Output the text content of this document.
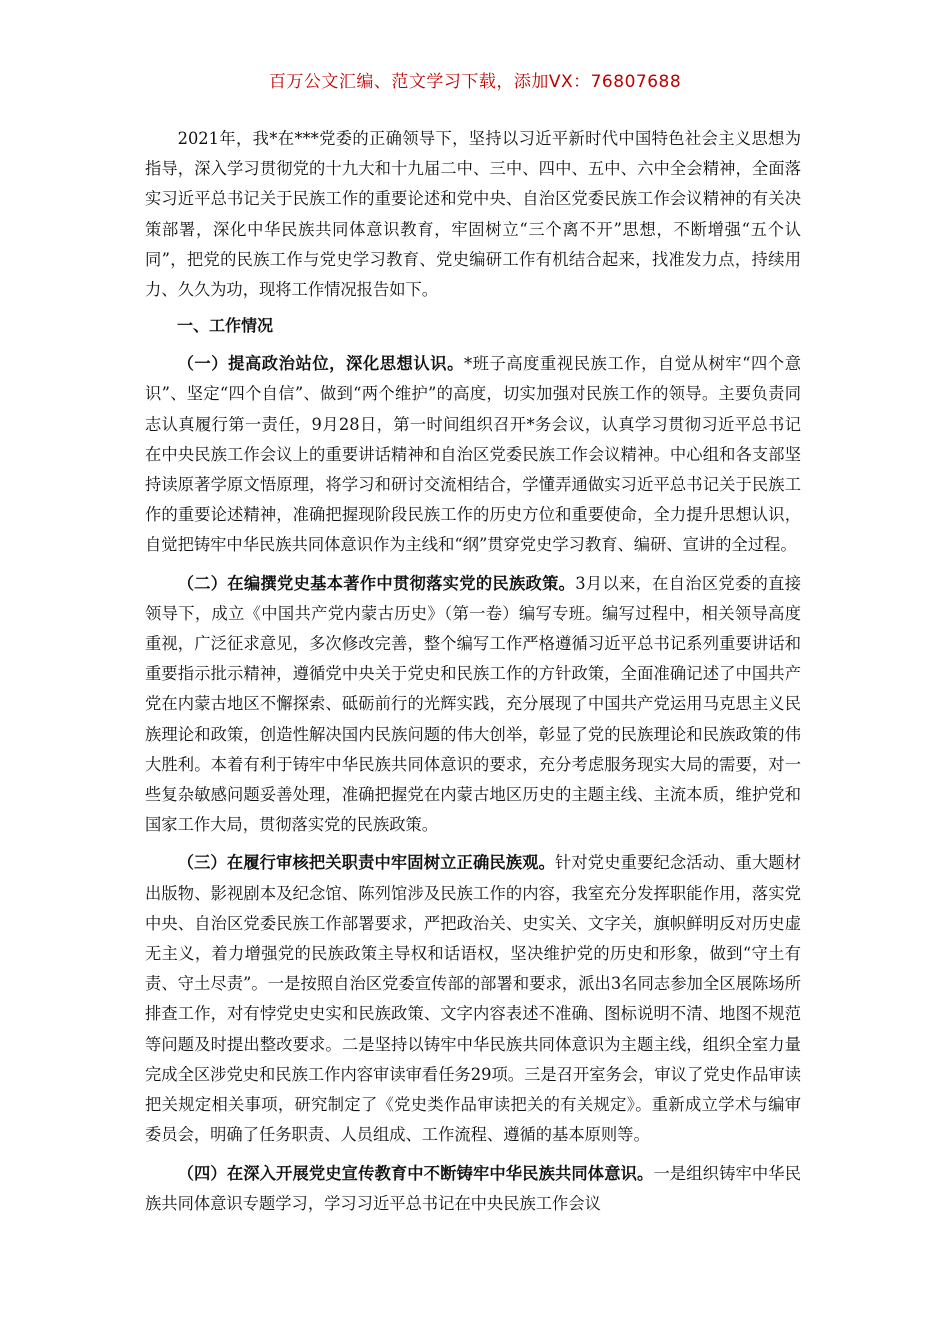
百万公文汇编、范文学习下载，添加VX：76807688

2021年，我*在***党委的正确领导下，坚持以习近平新时代中国特色社会主义思想为指导，深入学习贯彻党的十九大和十九届二中、三中、四中、五中、六中全会精神，全面落实习近平总书记关于民族工作的重要论述和党中央、自治区党委民族工作会议精神的有关决策部署，深化中华民族共同体意识教育，牢固树立“三个离不开”思想，不断增强“五个认同”，把党的民族工作与党史学习教育、党史编研工作有机结合起来，找准发力点，持续用力、久久为功，现将工作情况报告如下。

一、工作情况

（一）提高政治站位，深化思想认识。*班子高度重视民族工作，自觉从树牢“四个意识”、坚定“四个自信”、做到“两个维护”的高度，切实加强对民族工作的领导。主要负责同志认真履行第一责任，9月28日，第一时间组织召开*务会议，认真学习贯彻习近平总书记在中央民族工作会议上的重要讲话精神和自治区党委民族工作会议精神。中心组和各支部坚持读原著学原文悟原理，将学习和研讨交流相结合，学懂弄通做实习近平总书记关于民族工作的重要论述精神，准确把握现阶段民族工作的历史方位和重要使命，全力提升思想认识，自觉把铸牢中华民族共同体意识作为主线和“纲”贯穿党史学习教育、编研、宣讲的全过程。

（二）在编撰党史基本著作中贯彻落实党的民族政策。3月以来，在自治区党委的直接领导下，成立《中国共产党内蒙古历史》（第一卷）编写专班。编写过程中，相关领导高度重视，广泛征求意见，多次修改完善，整个编写工作严格遵循习近平总书记系列重要讲话和重要指示批示精神，遵循党中央关于党史和民族工作的方针政策，全面准确记述了中国共产党在内蒙古地区不懈探索、砥砺前行的光辉实践，充分展现了中国共产党运用马克思主义民族理论和政策，创造性解决国内民族问题的伟大创举，彰显了党的民族理论和民族政策的伟大胜利。本着有利于铸牢中华民族共同体意识的要求，充分考虑服务现实大局的需要，对一些复杂敏感问题妥善处理，准确把握党在内蒙古地区历史的主题主线、主流本质，维护党和国家工作大局，贯彻落实党的民族政策。

（三）在履行审核把关职责中牢固树立正确民族观。针对党史重要纪念活动、重大题材出版物、影视剧本及纪念馆、陈列馆涉及民族工作的内容，我室充分发挥职能作用，落实党中央、自治区党委民族工作部署要求，严把政治关、史实关、文字关，旗帜鲜明反对历史虚无主义，着力增强党的民族政策主导权和话语权，坚决维护党的历史和形象，做到“守土有责、守土尽责”。一是按照自治区党委宣传部的部署和要求，派出3名同志参加全区展陈场所排查工作，对有悖党史史实和民族政策、文字内容表述不准确、图标说明不清、地图不规范等问题及时提出整改要求。二是坚持以铸牢中华民族共同体意识为主题主线，组织全室力量完成全区涉党史和民族工作内容审读审看任务29项。三是召开室务会，审议了党史作品审读把关规定相关事项，研究制定了《党史类作品审读把关的有关规定》。重新成立学术与编审委员会，明确了任务职责、人员组成、工作流程、遵循的基本原则等。

（四）在深入开展党史宣传教育中不断铸牢中华民族共同体意识。一是组织铸牢中华民族共同体意识专题学习，学习习近平总书记在中央民族工作会议
